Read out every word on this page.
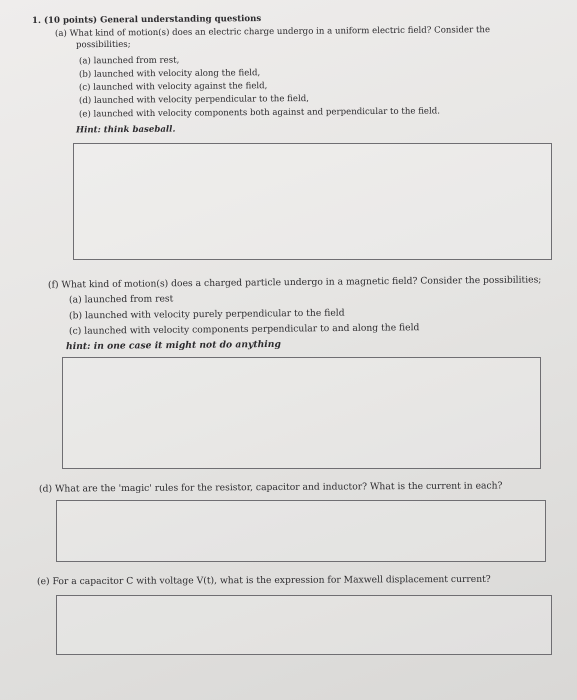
1. (10 points) General understanding questions
(a) What kind of motion(s) does an electric charge undergo in a uniform electric field? Consider the
possibilities;
(a) launched from rest,
(b) launched with velocity along the field,
(c) launched with velocity against the field,
(d) launched with velocity perpendicular to the field,
(e) launched with velocity components both against and perpendicular to the field.
Hint: think baseball.
(f) What kind of motion(s) does a charged particle undergo in a magnetic field? Consider the possibilities;
(a) launched from rest
(b) launched with velocity purely perpendicular to the field
(c) launched with velocity components perpendicular to and along the field
hint: in one case it might not do anything
(d) What are the 'magic' rules for the resistor, capacitor and inductor? What is the current in each?
(e) For a capacitor C with voltage V(t), what is the expression for Maxwell displacement current?
